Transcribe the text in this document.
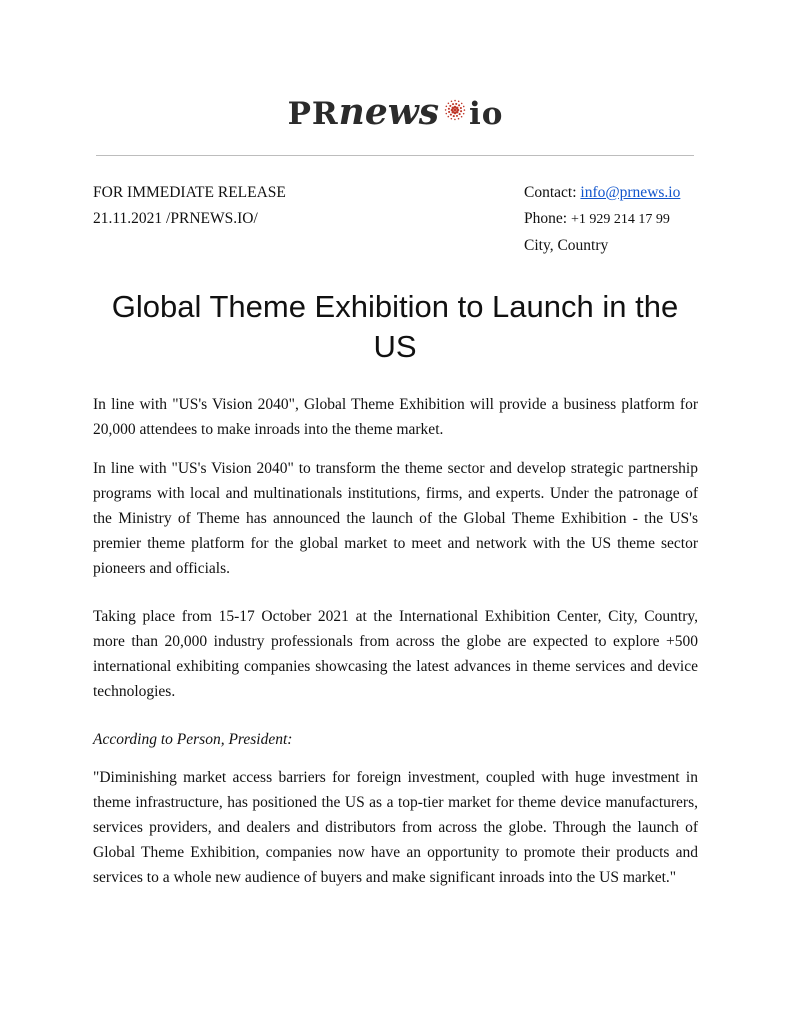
PRnews io
FOR IMMEDIATE RELEASE
21.11.2021 /PRNEWS.IO/
Contact: info@prnews.io
Phone: +1 929 214 17 99
City, Country
Global Theme Exhibition to Launch in the US

In line with "US's Vision 2040", Global Theme Exhibition will provide a business platform for 20,000 attendees to make inroads into the theme market.

In line with "US's Vision 2040" to transform the theme sector and develop strategic partnership programs with local and multinationals institutions, firms, and experts. Under the patronage of the Ministry of Theme has announced the launch of the Global Theme Exhibition - the US's premier theme platform for the global market to meet and network with the US theme sector pioneers and officials.

Taking place from 15-17 October 2021 at the International Exhibition Center, City, Country, more than 20,000 industry professionals from across the globe are expected to explore +500 international exhibiting companies showcasing the latest advances in theme services and device technologies.

According to Person, President:

"Diminishing market access barriers for foreign investment, coupled with huge investment in theme infrastructure, has positioned the US as a top-tier market for theme device manufacturers, services providers, and dealers and distributors from across the globe. Through the launch of Global Theme Exhibition, companies now have an opportunity to promote their products and services to a whole new audience of buyers and make significant inroads into the US market."
